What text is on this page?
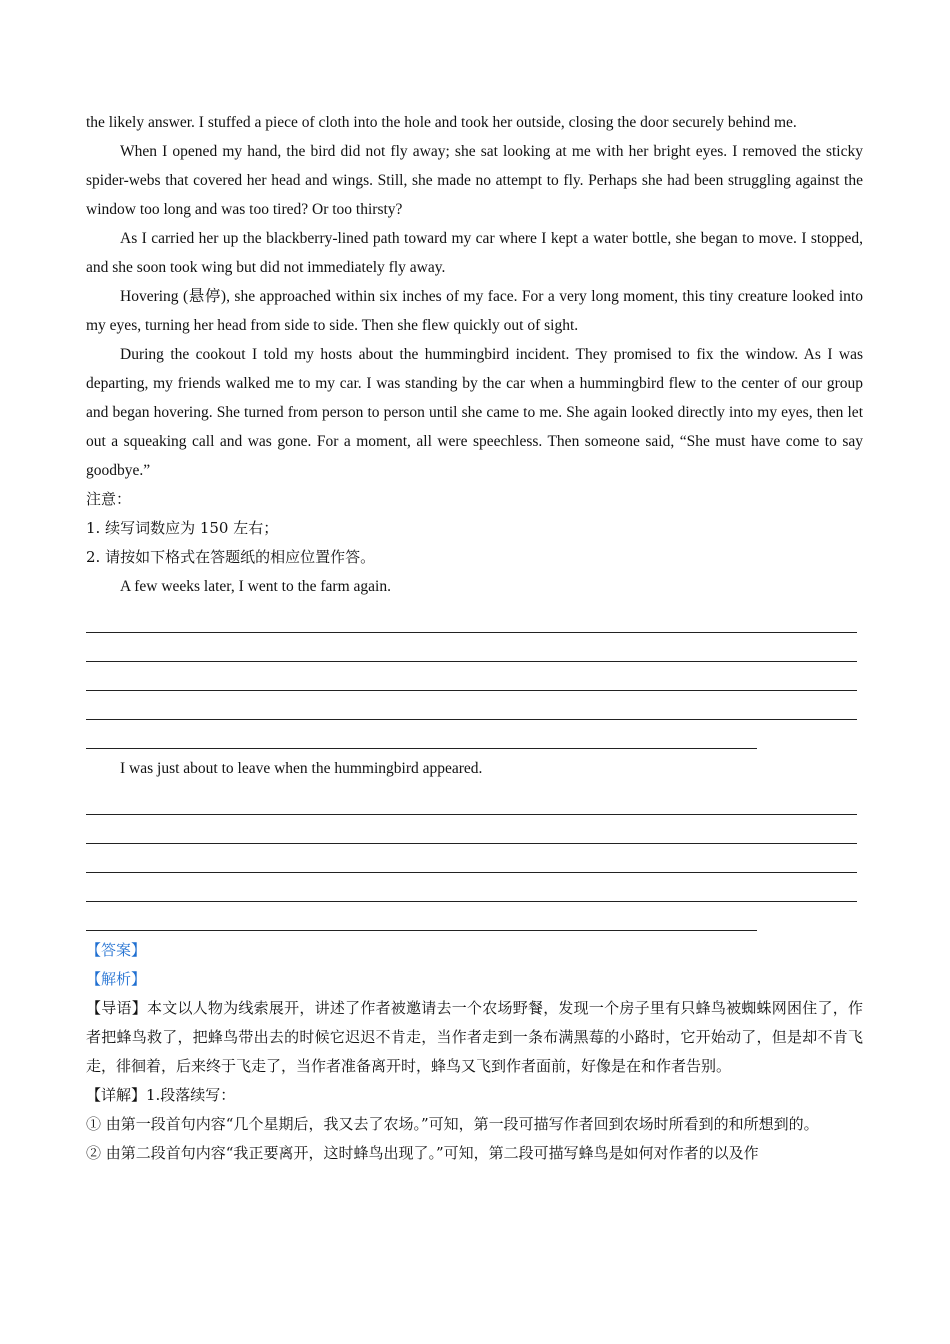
the likely answer. I stuffed a piece of cloth into the hole and took her outside, closing the door securely behind me.

When I opened my hand, the bird did not fly away; she sat looking at me with her bright eyes. I removed the sticky spider-webs that covered her head and wings. Still, she made no attempt to fly. Perhaps she had been struggling against the window too long and was too tired? Or too thirsty?

As I carried her up the blackberry-lined path toward my car where I kept a water bottle, she began to move. I stopped, and she soon took wing but did not immediately fly away.

Hovering (悬停), she approached within six inches of my face. For a very long moment, this tiny creature looked into my eyes, turning her head from side to side. Then she flew quickly out of sight.

During the cookout I told my hosts about the hummingbird incident. They promised to fix the window. As I was departing, my friends walked me to my car. I was standing by the car when a hummingbird flew to the center of our group and began hovering. She turned from person to person until she came to me. She again looked directly into my eyes, then let out a squeaking call and was gone. For a moment, all were speechless. Then someone said, “She must have come to say goodbye.”

注意：

1. 续写词数应为 150 左右；

2. 请按如下格式在答题纸的相应位置作答。

A few weeks later, I went to the farm again.

I was just about to leave when the hummingbird appeared.

【答案】

【解析】

【导语】本文以人物为线索展开，讲述了作者被邀请去一个农场野餐，发现一个房子里有只蜂鸟被蜘蛛网困住了，作者把蜂鸟救了，把蜂鸟带出去的时候它迟迟不肯走，当作者走到一条布满黑莓的小路时，它开始动了，但是却不肯飞走，徘徊着，后来终于飞走了，当作者准备离开时，蜂鸟又飞到作者面前，好像是在和作者告别。

【详解】1.段落续写：

① 由第一段首句内容“几个星期后，我又去了农场。”可知，第一段可描写作者回到农场时所看到的和所想到的。

② 由第二段首句内容“我正要离开，这时蜂鸟出现了。”可知，第二段可描写蜂鸟是如何对作者的以及作
